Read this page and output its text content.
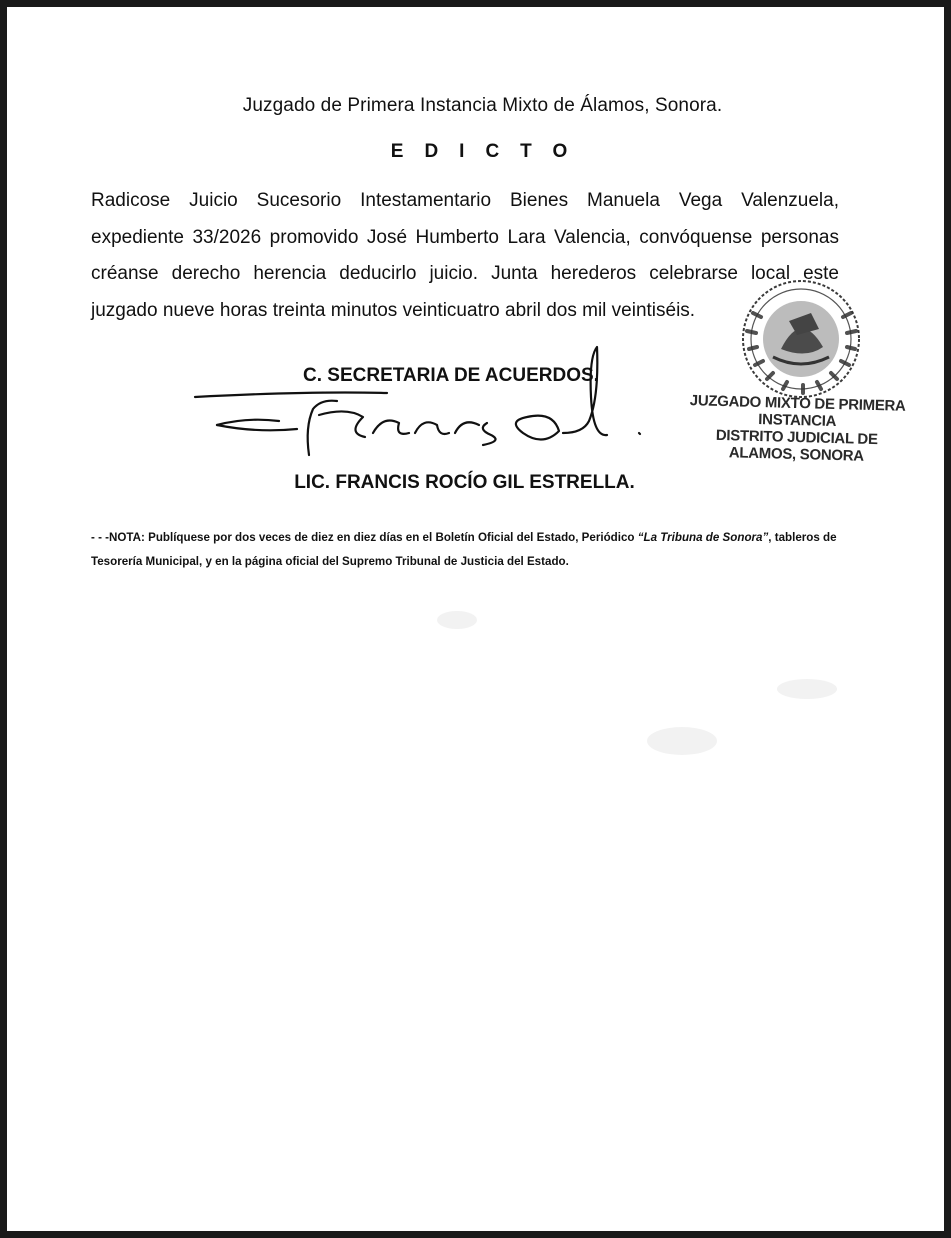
Juzgado de Primera Instancia Mixto de Álamos, Sonora.
EDICTO
Radicose Juicio Sucesorio Intestamentario Bienes Manuela Vega Valenzuela, expediente 33/2026 promovido José Humberto Lara Valencia, convóquense personas créanse derecho herencia deducirlo juicio. Junta herederos celebrarse local este juzgado nueve horas treinta minutos veinticuatro abril dos mil veintiséis.
JUZGADO MIXTO DE PRIMERA
INSTANCIA
DISTRITO JUDICIAL DE
ALAMOS, SONORA
C. SECRETARIA DE ACUERDOS.
LIC. FRANCIS ROCÍO GIL ESTRELLA.
- - -NOTA: Publíquese por dos veces de diez en diez días en el Boletín Oficial del Estado, Periódico “La Tribuna de Sonora”, tableros de Tesorería Municipal, y en la página oficial del Supremo Tribunal de Justicia del Estado.
